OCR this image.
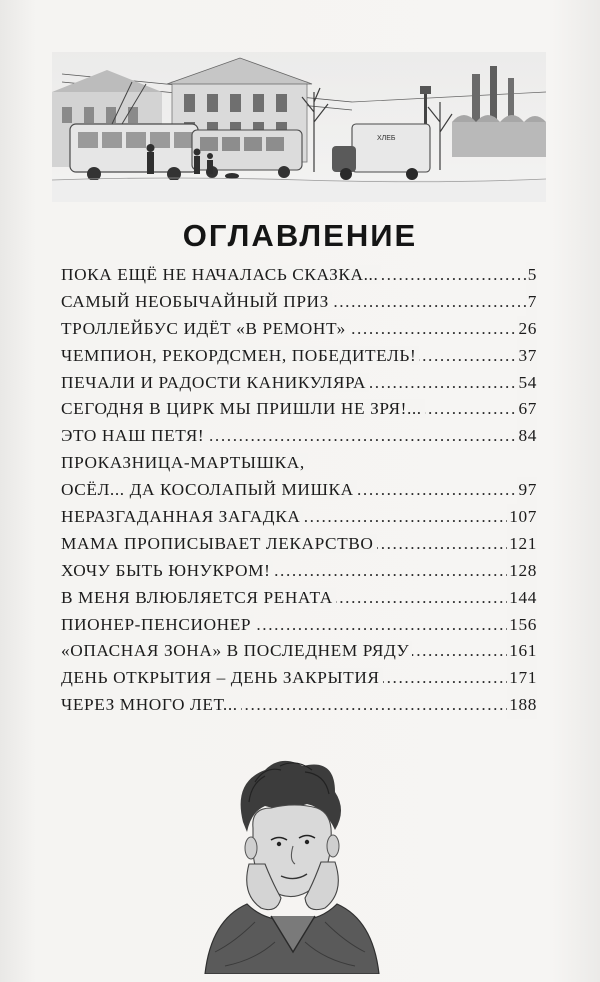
ХЛЕБ
ОГЛАВЛЕНИЕ
ПОКА ЕЩЁ НЕ НАЧАЛАСЬ СКАЗКА...	5
.....
САМЫЙ НЕОБЫЧАЙНЫЙ ПРИЗ	7
.....
ТРОЛЛЕЙБУС ИДЁТ «В РЕМОНТ»	26
.....
ЧЕМПИОН, РЕКОРДСМЕН, ПОБЕДИТЕЛЬ!	37
.....
ПЕЧАЛИ И РАДОСТИ КАНИКУЛЯРА	54
.....
СЕГОДНЯ В ЦИРК МЫ ПРИШЛИ НЕ ЗРЯ!...	67
.....
ЭТО НАШ ПЕТЯ!	84
.....
ПРОКАЗНИЦА-МАРТЫШКА,
ОСЁЛ... ДА КОСОЛАПЫЙ МИШКА	97
.....
НЕРАЗГАДАННАЯ ЗАГАДКА	107
.....
МАМА ПРОПИСЫВАЕТ ЛЕКАРСТВО	121
.....
ХОЧУ БЫТЬ ЮНУКРОМ!	128
.....
В МЕНЯ ВЛЮБЛЯЕТСЯ РЕНАТА	144
.....
ПИОНЕР-ПЕНСИОНЕР	156
.....
«ОПАСНАЯ ЗОНА» В ПОСЛЕДНЕМ РЯДУ	161
.....
ДЕНЬ ОТКРЫТИЯ – ДЕНЬ ЗАКРЫТИЯ	171
.....
ЧЕРЕЗ МНОГО ЛЕТ...	188
.....
